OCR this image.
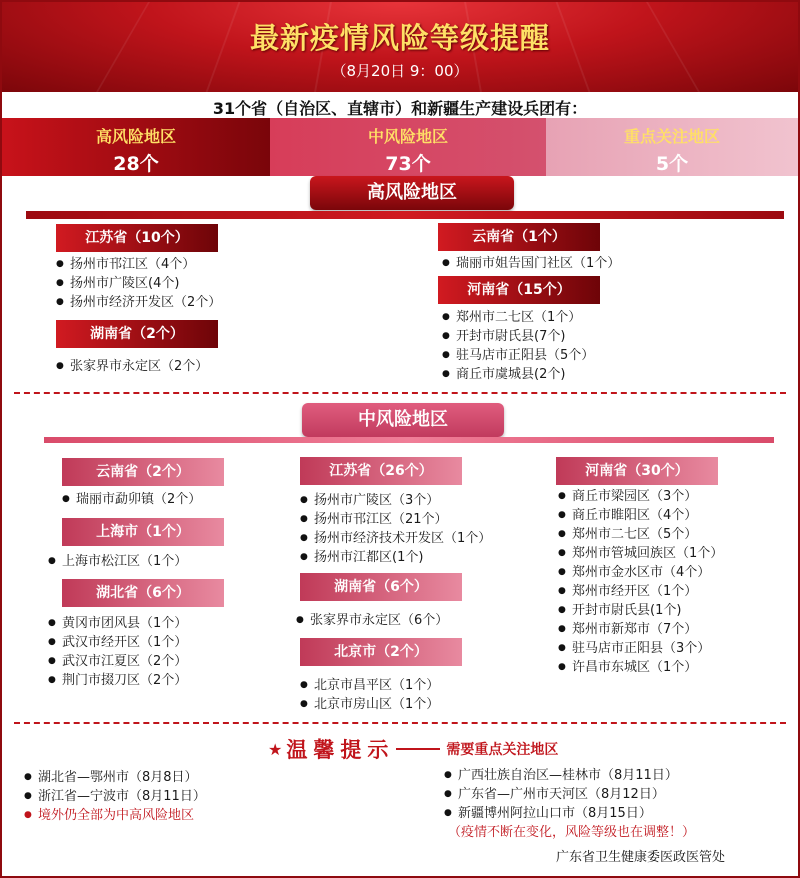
最新疫情风险等级提醒
（8月20日 9：00）
31个省（自治区、直辖市）和新疆生产建设兵团有：
高风险地区
28个
中风险地区
73个
重点关注地区
5个
高风险地区
江苏省（10个）
● 扬州市邗江区（4个）
● 扬州市广陵区(4个)
● 扬州市经济开发区（2个）
湖南省（2个）
● 张家界市永定区（2个）
云南省（1个）
● 瑞丽市姐告国门社区（1个）
河南省（15个）
● 郑州市二七区（1个）
● 开封市尉氏县(7个)
● 驻马店市正阳县（5个）
● 商丘市虞城县(2个)
中风险地区
云南省（2个）
● 瑞丽市勐卯镇（2个）
上海市（1个）
● 上海市松江区（1个）
湖北省（6个）
● 黄冈市团风县（1个）
● 武汉市经开区（1个）
● 武汉市江夏区（2个）
● 荆门市掇刀区（2个）
江苏省（26个）
● 扬州市广陵区（3个）
● 扬州市邗江区（21个）
● 扬州市经济技术开发区（1个）
● 扬州市江都区(1个)
湖南省（6个）
● 张家界市永定区（6个）
北京市（2个）
● 北京市昌平区（1个）
● 北京市房山区（1个）
河南省（30个）
● 商丘市梁园区（3个）
● 商丘市睢阳区（4个）
● 郑州市二七区（5个）
● 郑州市管城回族区（1个）
● 郑州市金水区市（4个）
● 郑州市经开区（1个）
● 开封市尉氏县(1个)
● 郑州市新郑市（7个）
● 驻马店市正阳县（3个）
● 许昌市东城区（1个）
★ 温馨提示	需要重点关注地区
● 湖北省—鄂州市（8月8日）
● 浙江省—宁波市（8月11日）
● 境外仍全部为中高风险地区
● 广西壮族自治区—桂林市（8月11日）
● 广东省—广州市天河区（8月12日）
● 新疆博州阿拉山口市（8月15日）
（疫情不断在变化，风险等级也在调整！）
广东省卫生健康委医政医管处
